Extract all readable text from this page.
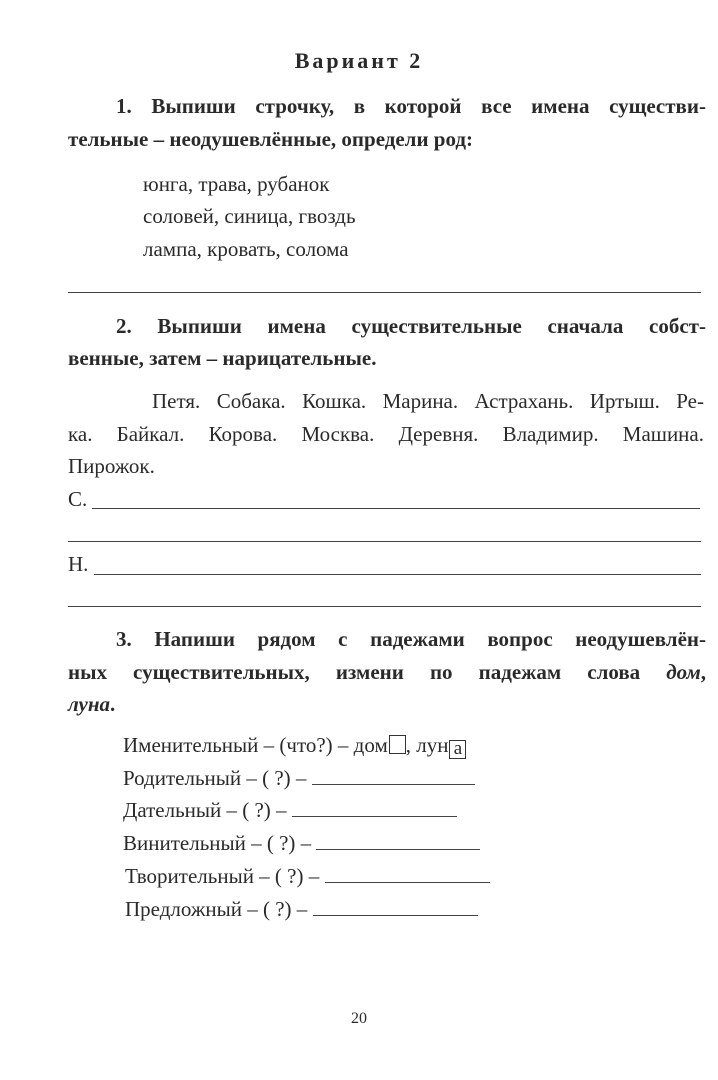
Вариант 2
1. Выпиши строчку, в которой все имена существи-
тельные – неодушевлённые, определи род:
юнга, трава, рубанок
соловей, синица, гвоздь
лампа, кровать, солома
2. Выпиши имена существительные сначала собст-
венные, затем – нарицательные.
Петя. Собака. Кошка. Марина. Астрахань. Иртыш. Ре-
ка. Байкал. Корова. Москва. Деревня. Владимир. Машина.
Пирожок.
С.
Н.
3. Напиши рядом с падежами вопрос неодушевлён-
ных существительных, измени по падежам слова дом,
луна.
Именительный – (что?) – дом , лун а
Родительный – ( ?) –
Дательный – ( ?) –
Винительный – ( ?) –
Творительный – ( ?) –
Предложный – ( ?) –
20
